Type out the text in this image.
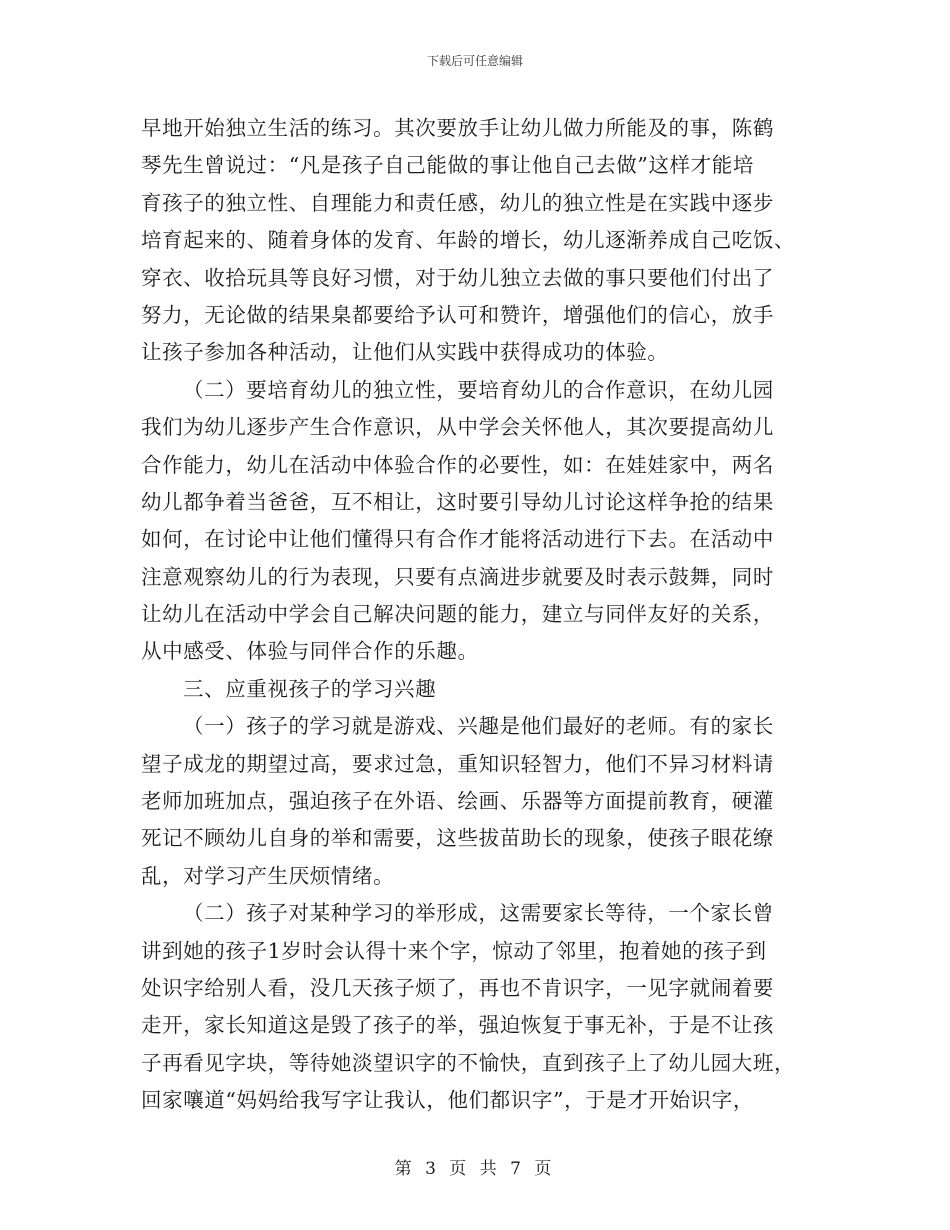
下载后可任意编辑
早地开始独立生活的练习。其次要放手让幼儿做力所能及的事，陈鹤
琴先生曾说过：“凡是孩子自己能做的事让他自己去做”这样才能培
育孩子的独立性、自理能力和责任感，幼儿的独立性是在实践中逐步
培育起来的、随着身体的发育、年龄的增长，幼儿逐渐养成自己吃饭、
穿衣、收拾玩具等良好习惯，对于幼儿独立去做的事只要他们付出了
努力，无论做的结果臬都要给予认可和赞许，增强他们的信心，放手
让孩子参加各种活动，让他们从实践中获得成功的体验。
（二）要培育幼儿的独立性，要培育幼儿的合作意识，在幼儿园
我们为幼儿逐步产生合作意识，从中学会关怀他人，其次要提高幼儿
合作能力，幼儿在活动中体验合作的必要性，如：在娃娃家中，两名
幼儿都争着当爸爸，互不相让，这时要引导幼儿讨论这样争抢的结果
如何，在讨论中让他们懂得只有合作才能将活动进行下去。在活动中
注意观察幼儿的行为表现，只要有点滴进步就要及时表示鼓舞，同时
让幼儿在活动中学会自己解决问题的能力，建立与同伴友好的关系，
从中感受、体验与同伴合作的乐趣。
三、应重视孩子的学习兴趣
（一）孩子的学习就是游戏、兴趣是他们最好的老师。有的家长
望子成龙的期望过高，要求过急，重知识轻智力，他们不异习材料请
老师加班加点，强迫孩子在外语、绘画、乐器等方面提前教育，硬灌
死记不顾幼儿自身的举和需要，这些拔苗助长的现象，使孩子眼花缭
乱，对学习产生厌烦情绪。
（二）孩子对某种学习的举形成，这需要家长等待，一个家长曾
讲到她的孩子1岁时会认得十来个字，惊动了邻里，抱着她的孩子到
处识字给别人看，没几天孩子烦了，再也不肯识字，一见字就闹着要
走开，家长知道这是毁了孩子的举，强迫恢复于事无补，于是不让孩
子再看见字块，等待她淡望识字的不愉快，直到孩子上了幼儿园大班，
回家嚷道“妈妈给我写字让我认，他们都识字”，于是才开始识字，
第 3 页 共 7 页
